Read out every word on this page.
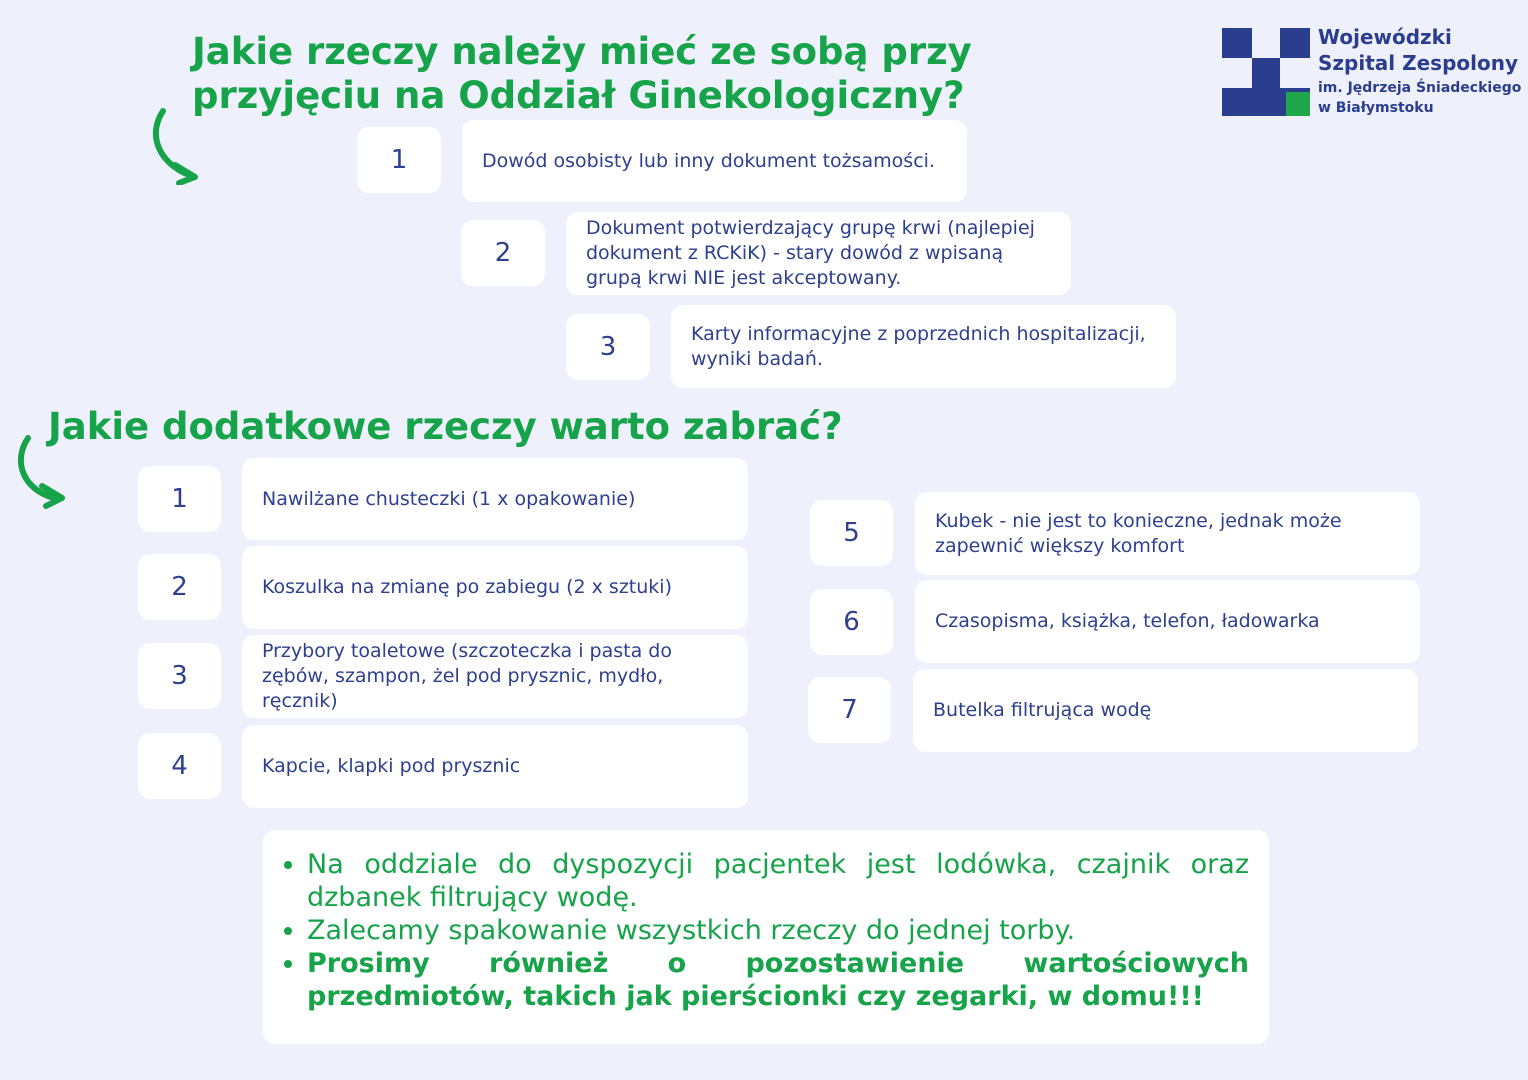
Wojewódzki
Szpital Zespolony
im. Jędrzeja Śniadeckiego
w Białymstoku
Jakie rzeczy należy mieć ze sobą przy
przyjęciu na Oddział Ginekologiczny?
1	Dowód osobisty lub inny dokument tożsamości.
2
Dokument potwierdzający grupę krwi (najlepiej dokument z RCKiK) - stary dowód z wpisaną grupą krwi NIE jest akceptowany.
3	Karty informacyjne z poprzednich hospitalizacji, wyniki badań.
Jakie dodatkowe rzeczy warto zabrać?
1	Nawilżane chusteczki (1 x opakowanie)
2	Koszulka na zmianę po zabiegu (2 x sztuki)
3
Przybory toaletowe (szczoteczka i pasta do zębów, szampon, żel pod prysznic, mydło, ręcznik)
4	Kapcie, klapki pod prysznic
5	Kubek - nie jest to konieczne, jednak może zapewnić większy komfort
6	Czasopisma, książka, telefon, ładowarka
7	Butelka filtrująca wodę
• Na oddziale do dyspozycji pacjentek jest lodówka, czajnik oraz dzbanek filtrujący wodę.
• Zalecamy spakowanie wszystkich rzeczy do jednej torby.
• Prosimy również o pozostawienie wartościowych przedmiotów, takich jak pierścionki czy zegarki, w domu!!!
